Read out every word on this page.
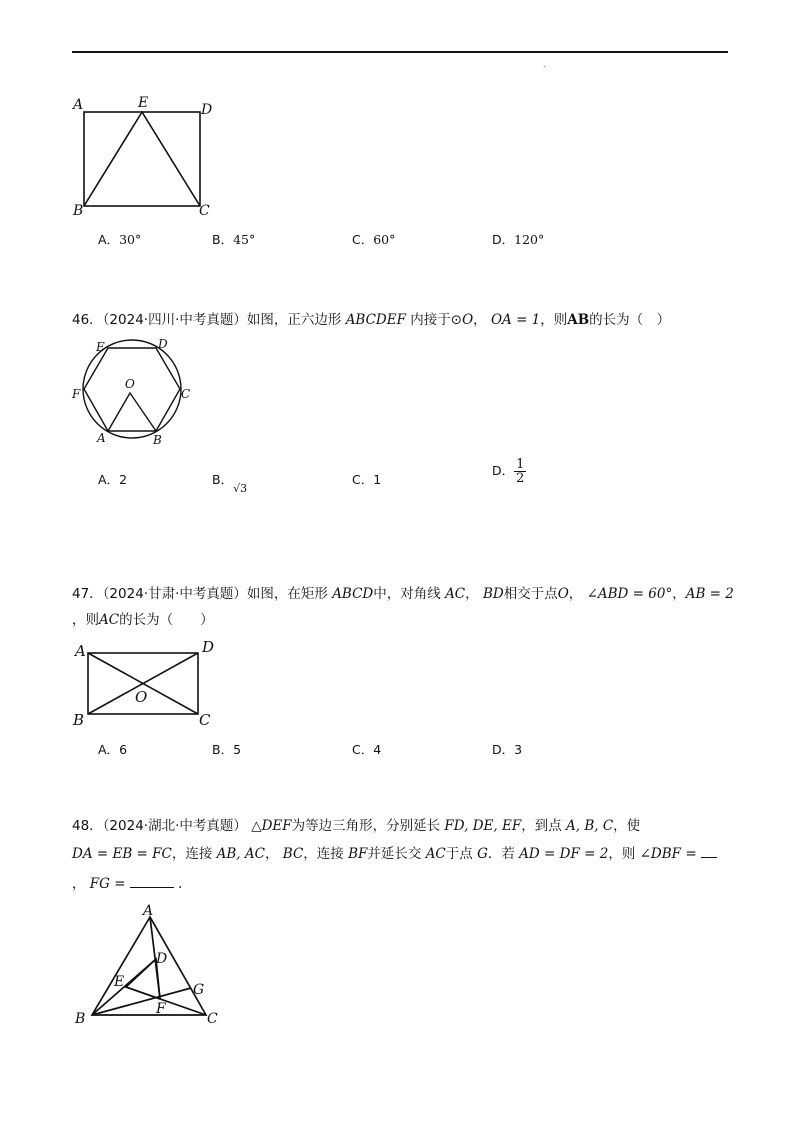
.
A	E	D
B	C
A．30°	B．45°	C．60°	D．120°
46．（2024·四川·中考真题）如图，正六边形 ABCDEF 内接于⊙O， OA = 1，则AB的长为（　）
E	D
F
O
C
A	B
A．2	B．√3
C．1
D． $\frac{1}{2}$
47．（2024·甘肃·中考真题）如图，在矩形 ABCD中，对角线 AC， BD相交于点O， ∠ABD = 60°，AB = 2
，则AC的长为（　　）
A	D
O
B	C
A．6	B．5	C．4	D．3
48．（2024·湖北·中考真题） △DEF为等边三角形，分别延长 FD, DE, EF，到点 A, B, C，使
DA = EB = FC，连接 AB, AC， BC，连接 BF并延长交 AC于点 G．若 AD = DF = 2，则 ∠DBF =
， FG =	．
A
D
E	G
B
F
C
